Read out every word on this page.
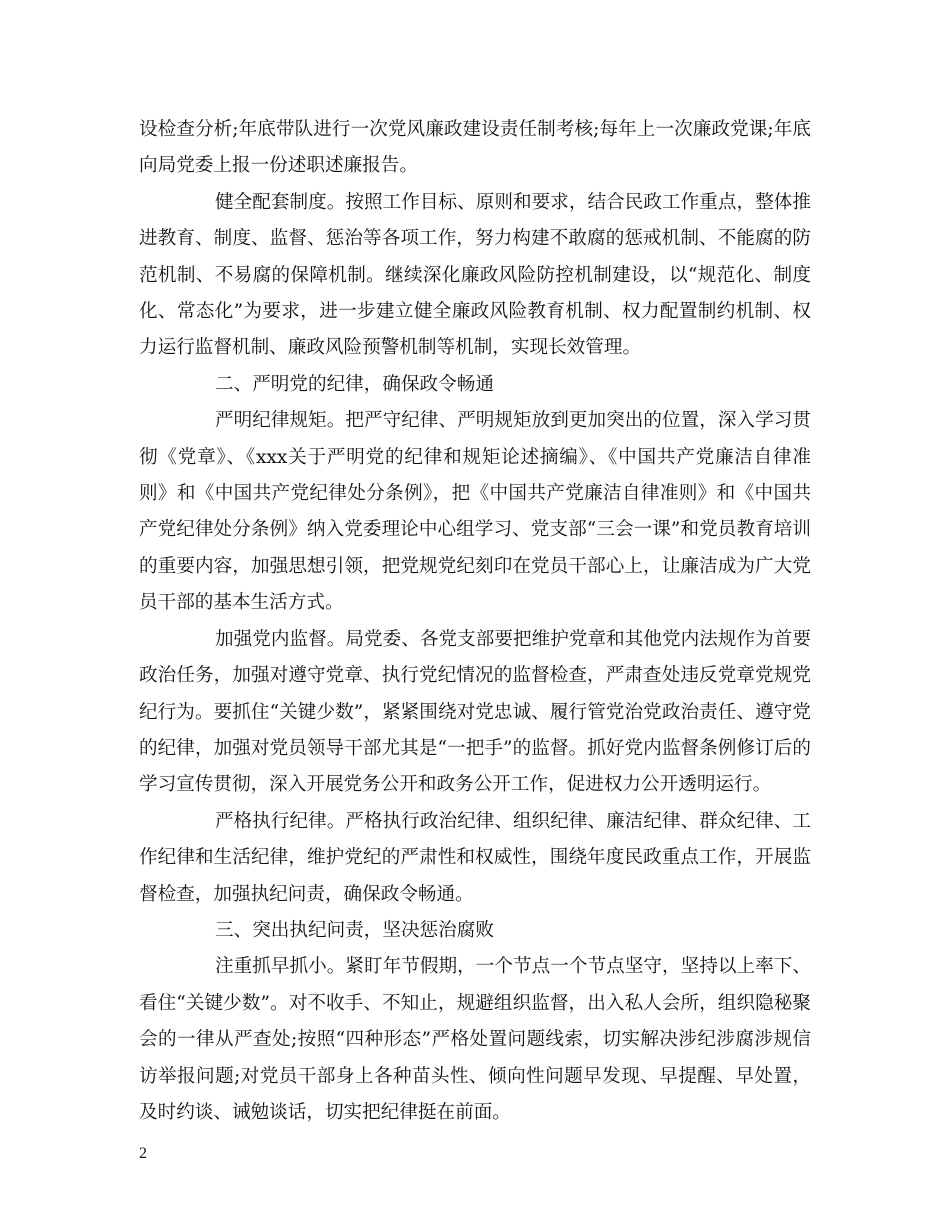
设检查分析;年底带队进行一次党风廉政建设责任制考核;每年上一次廉政党课;年底向局党委上报一份述职述廉报告。

健全配套制度。按照工作目标、原则和要求，结合民政工作重点，整体推进教育、制度、监督、惩治等各项工作，努力构建不敢腐的惩戒机制、不能腐的防范机制、不易腐的保障机制。继续深化廉政风险防控机制建设，以“规范化、制度化、常态化”为要求，进一步建立健全廉政风险教育机制、权力配置制约机制、权力运行监督机制、廉政风险预警机制等机制，实现长效管理。

二、严明党的纪律，确保政令畅通

严明纪律规矩。把严守纪律、严明规矩放到更加突出的位置，深入学习贯彻《党章》、《xxx关于严明党的纪律和规矩论述摘编》、《中国共产党廉洁自律准则》和《中国共产党纪律处分条例》，把《中国共产党廉洁自律准则》和《中国共产党纪律处分条例》纳入党委理论中心组学习、党支部“三会一课”和党员教育培训的重要内容，加强思想引领，把党规党纪刻印在党员干部心上，让廉洁成为广大党员干部的基本生活方式。

加强党内监督。局党委、各党支部要把维护党章和其他党内法规作为首要政治任务，加强对遵守党章、执行党纪情况的监督检查，严肃查处违反党章党规党纪行为。要抓住“关键少数”，紧紧围绕对党忠诚、履行管党治党政治责任、遵守党的纪律，加强对党员领导干部尤其是“一把手”的监督。抓好党内监督条例修订后的学习宣传贯彻，深入开展党务公开和政务公开工作，促进权力公开透明运行。

严格执行纪律。严格执行政治纪律、组织纪律、廉洁纪律、群众纪律、工作纪律和生活纪律，维护党纪的严肃性和权威性，围绕年度民政重点工作，开展监督检查，加强执纪问责，确保政令畅通。

三、突出执纪问责，坚决惩治腐败

注重抓早抓小。紧盯年节假期，一个节点一个节点坚守，坚持以上率下、看住“关键少数”。对不收手、不知止，规避组织监督，出入私人会所，组织隐秘聚会的一律从严查处;按照“四种形态”严格处置问题线索，切实解决涉纪涉腐涉规信访举报问题;对党员干部身上各种苗头性、倾向性问题早发现、早提醒、早处置，及时约谈、诫勉谈话，切实把纪律挺在前面。

2
